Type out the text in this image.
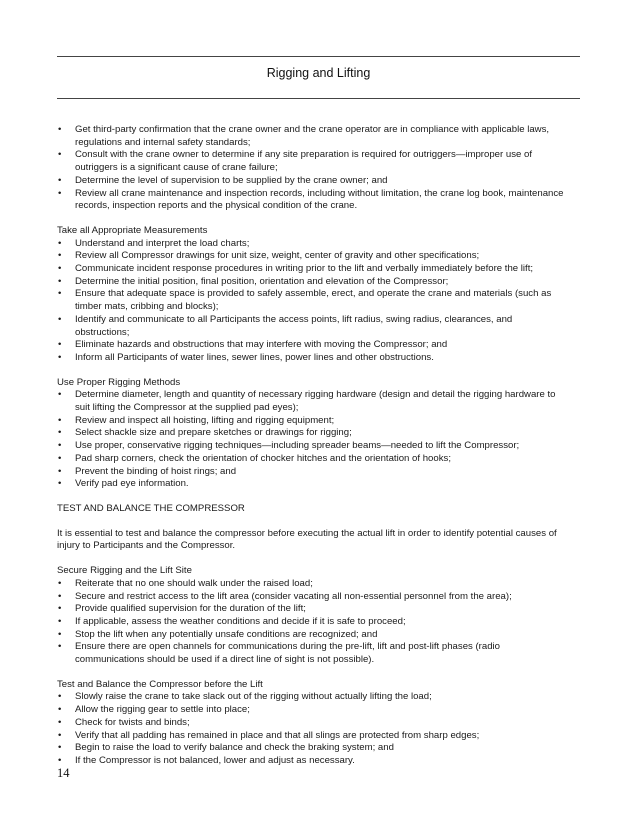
Rigging and Lifting
• Get third-party confirmation that the crane owner and the crane operator are in compliance with applicable laws, regulations and internal safety standards;
• Consult with the crane owner to determine if any site preparation is required for outriggers—improper use of outriggers is a significant cause of crane failure;
• Determine the level of supervision to be supplied by the crane owner; and
• Review all crane maintenance and inspection records, including without limitation, the crane log book, maintenance records, inspection reports and the physical condition of the crane.
Take all Appropriate Measurements
• Understand and interpret the load charts;
• Review all Compressor drawings for unit size, weight, center of gravity and other specifications;
• Communicate incident response procedures in writing prior to the lift and verbally immediately before the lift;
• Determine the initial position, final position, orientation and elevation of the Compressor;
• Ensure that adequate space is provided to safely assemble, erect, and operate the crane and materials (such as timber mats, cribbing and blocks);
• Identify and communicate to all Participants the access points, lift radius, swing radius, clearances, and obstructions;
• Eliminate hazards and obstructions that may interfere with moving the Compressor; and
• Inform all Participants of water lines, sewer lines, power lines and other obstructions.
Use Proper Rigging Methods
• Determine diameter, length and quantity of necessary rigging hardware (design and detail the rigging hardware to suit lifting the Compressor at the supplied pad eyes);
• Review and inspect all hoisting, lifting and rigging equipment;
• Select shackle size and prepare sketches or drawings for rigging;
• Use proper, conservative rigging techniques—including spreader beams—needed to lift the Compressor;
• Pad sharp corners, check the orientation of chocker hitches and the orientation of hooks;
• Prevent the binding of hoist rings; and
• Verify pad eye information.
TEST AND BALANCE THE COMPRESSOR

It is essential to test and balance the compressor before executing the actual lift in order to identify potential causes of injury to Participants and the Compressor.

Secure Rigging and the Lift Site
• Reiterate that no one should walk under the raised load;
• Secure and restrict access to the lift area (consider vacating all non-essential personnel from the area);
• Provide qualified supervision for the duration of the lift;
• If applicable, assess the weather conditions and decide if it is safe to proceed;
• Stop the lift when any potentially unsafe conditions are recognized; and
• Ensure there are open channels for communications during the pre-lift, lift and post-lift phases (radio communications should be used if a direct line of sight is not possible).
Test and Balance the Compressor before the Lift
• Slowly raise the crane to take slack out of the rigging without actually lifting the load;
• Allow the rigging gear to settle into place;
• Check for twists and binds;
• Verify that all padding has remained in place and that all slings are protected from sharp edges;
• Begin to raise the load to verify balance and check the braking system; and
• If the Compressor is not balanced, lower and adjust as necessary.
14
